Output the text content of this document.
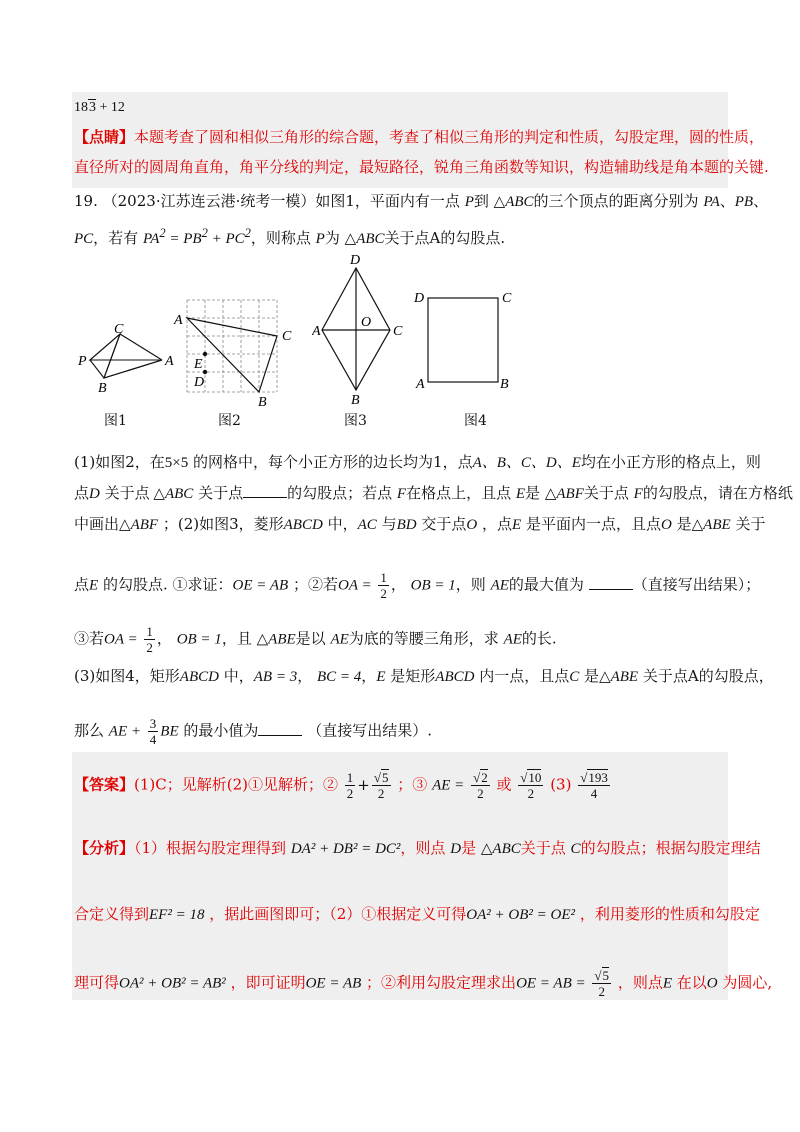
183 + 12
【点睛】本题考查了圆和相似三角形的综合题，考查了相似三角形的判定和性质，勾股定理，圆的性质，
直径所对的圆周角直角，角平分线的判定，最短路径，锐角三角函数等知识，构造辅助线是角本题的关键.
19. （2023·江苏连云港·统考一模）如图1，平面内有一点 P到 △ABC的三个顶点的距离分别为 PA、PB、
PC，若有 $PA^2 = PB^2 + PC^2$，则称点 P为 △ABC关于点A的勾股点.
C
P	A
B
图1
A
C
E
D
B
图2
D
A
O
C
B
图3
D	C
A	B
图4
(1)如图2，在5×5 的网格中，每个小正方形的边长均为1，点A、B、C、D、E均在小正方形的格点上，则
点D 关于点 △ABC 关于点	的勾股点；若点 F在格点上，且点 E是 △ABF关于点 F的勾股点，请在方格纸
中画出△ABF ；(2)如图3，菱形ABCD 中，AC 与BD 交于点O ，点E 是平面内一点，且点O 是△ABE 关于
点E 的勾股点. ①求证：OE = AB ；②若OA = $\frac{1}{2}$ ， OB = 1，则 AE的最大值为	（直接写出结果）；
③若OA = $\frac{1}{2}$ ， OB = 1，且 △ABE是以 AE为底的等腰三角形，求 AE的长.
(3)如图4，矩形ABCD 中，AB = 3， BC = 4，E 是矩形ABCD 内一点，且点C 是△ABE 关于点A的勾股点，
那么 AE + $\frac{3}{4}$ BE 的最小值为	（直接写出结果）.
【答案】(1)C；见解析(2)①见解析；② $\frac{1}{2} + \frac{√5}{2}$ ；③ AE = $\frac{√2}{2}$ 或 $\frac{√10}{2} (3) \frac{√193}{4}$
【分析】（1）根据勾股定理得到 DA² + DB² = DC²，则点 D是 △ABC关于点 C的勾股点；根据勾股定理结
合定义得到EF² = 18 ，据此画图即可；（2）①根据定义可得OA² + OB² = OE² ，利用菱形的性质和勾股定
理可得OA² + OB² = AB² ，即可证明OE = AB ；②利用勾股定理求出OE = AB = $\frac{√5}{2}$ ，则点E 在以O 为圆心,
